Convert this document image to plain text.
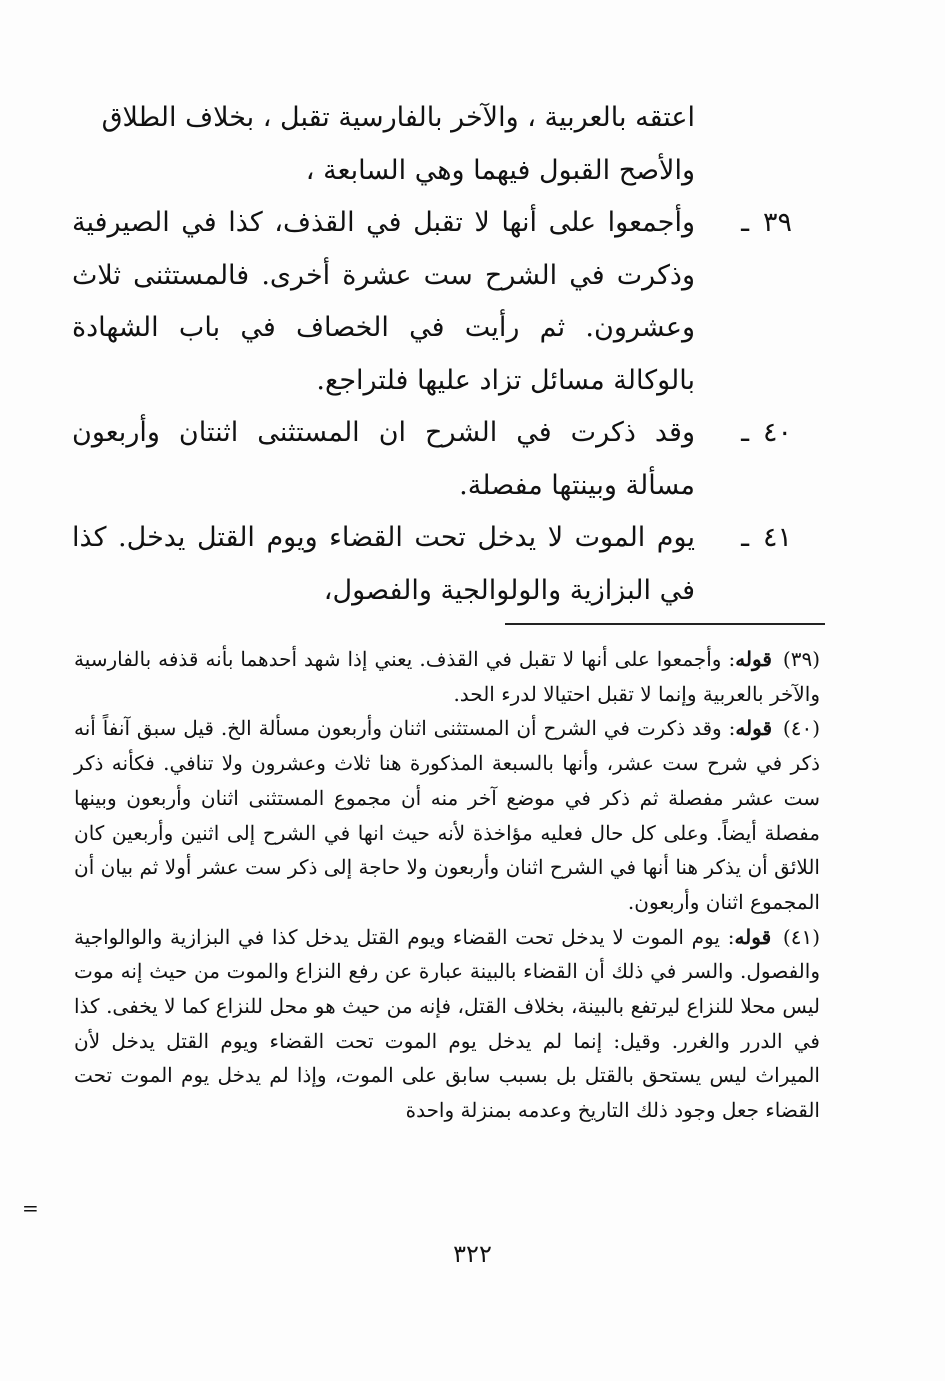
اعتقه بالعربية ، والآخر بالفارسية تقبل ، بخلاف الطلاق
والأصح القبول فيهما وهي السابعة ،
٣٩ـ
وأجمعوا على أنها لا تقبل في القذف، كذا في الصيرفية وذكرت في الشرح ست عشرة أخرى. فالمستثنى ثلاث وعشرون. ثم رأيت في الخصاف في باب الشهادة بالوكالة مسائل تزاد عليها فلتراجع.
٤٠ـ
وقد ذكرت في الشرح ان المستثنى اثنتان وأربعون مسألة وبينتها مفصلة.
٤١ـ
يوم الموت لا يدخل تحت القضاء ويوم القتل يدخل. كذا في البزازية والولوالجية والفصول،

(٣٩) قوله: وأجمعوا على أنها لا تقبل في القذف. يعني إذا شهد أحدهما بأنه قذفه بالفارسية والآخر بالعربية وإنما لا تقبل احتيالا لدرء الحد.

(٤٠) قوله: وقد ذكرت في الشرح أن المستثنى اثنان وأربعون مسألة الخ. قيل سبق آنفاً أنه ذكر في شرح ست عشر، وأنها بالسبعة المذكورة هنا ثلاث وعشرون ولا تنافي. فكأنه ذكر ست عشر مفصلة ثم ذكر في موضع آخر منه أن مجموع المستثنى اثنان وأربعون وبينها مفصلة أيضاً. وعلى كل حال فعليه مؤاخذة لأنه حيث انها في الشرح إلى اثنين وأربعين كان اللائق أن يذكر هنا أنها في الشرح اثنان وأربعون ولا حاجة إلى ذكر ست عشر أولا ثم بيان أن المجموع اثنان وأربعون.

(٤١) قوله: يوم الموت لا يدخل تحت القضاء ويوم القتل يدخل كذا في البزازية والوالواجية والفصول. والسر في ذلك أن القضاء بالبينة عبارة عن رفع النزاع والموت من حيث إنه موت ليس محلا للنزاع ليرتفع بالبينة، بخلاف القتل، فإنه من حيث هو محل للنزاع كما لا يخفى. كذا في الدرر والغرر. وقيل: إنما لم يدخل يوم الموت تحت القضاء ويوم القتل يدخل لأن الميراث ليس يستحق بالقتل بل بسبب سابق على الموت، وإذا لم يدخل يوم الموت تحت القضاء جعل وجود ذلك التاريخ وعدمه بمنزلة واحدة

=
٣٢٢
